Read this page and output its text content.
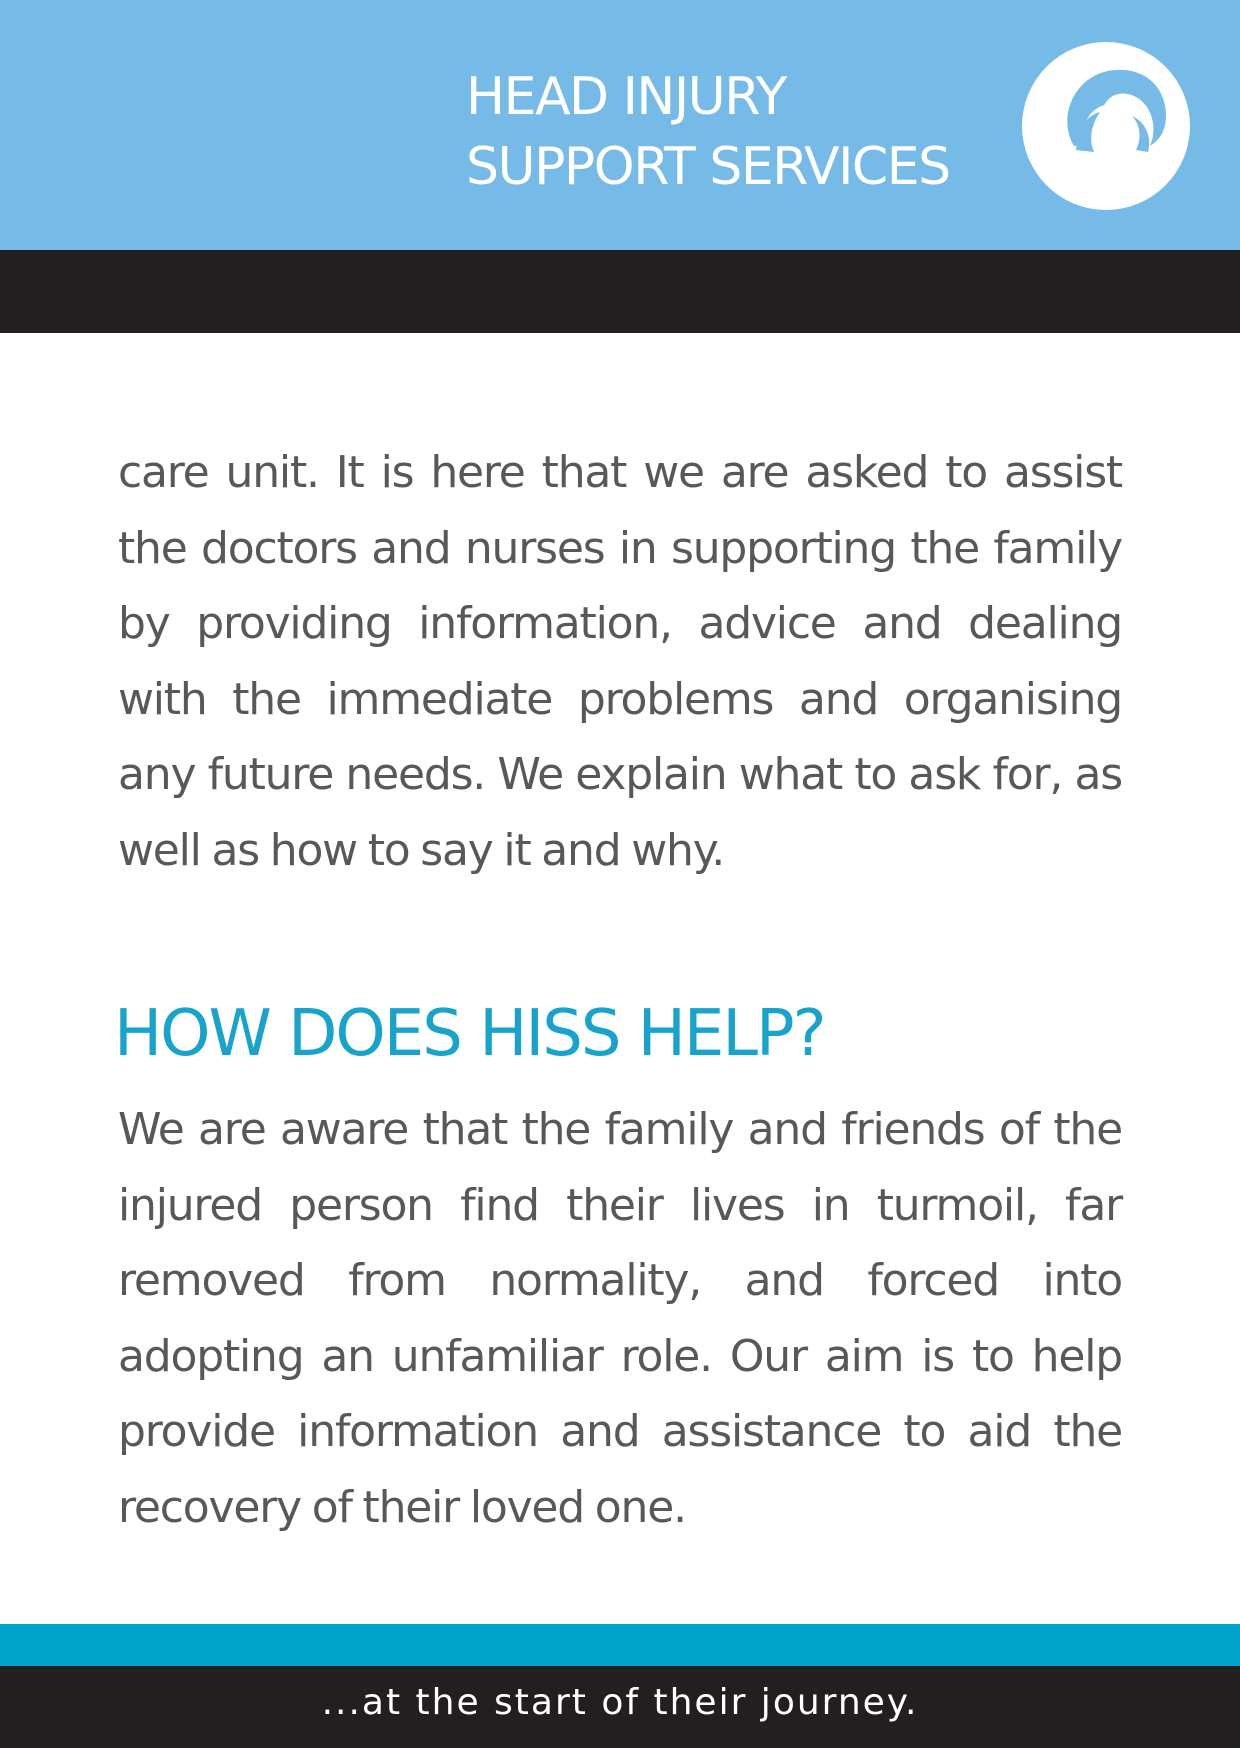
HEAD INJURY
SUPPORT SERVICES

care unit. It is here that we are asked to assist the doctors and nurses in supporting the family by providing information, advice and dealing with the immediate problems and organising any future needs. We explain what to ask for, as well as how to say it and why.

HOW DOES HISS HELP?

We are aware that the family and friends of the injured person find their lives in turmoil, far removed from normality, and forced into adopting an unfamiliar role. Our aim is to help provide information and assistance to aid the recovery of their loved one.

...at the start of their journey.
